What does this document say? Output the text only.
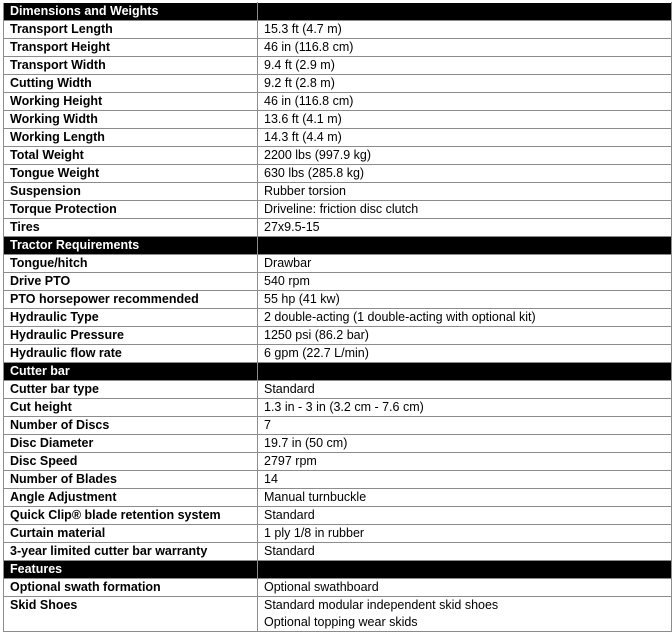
Dimensions and Weights	
Transport Length	15.3 ft (4.7 m)
Transport Height	46 in (116.8 cm)
Transport Width	9.4 ft (2.9 m)
Cutting Width	9.2 ft (2.8 m)
Working Height	46 in (116.8 cm)
Working Width	13.6 ft (4.1 m)
Working Length	14.3 ft (4.4 m)
Total Weight	2200 lbs (997.9 kg)
Tongue Weight	630 lbs (285.8 kg)
Suspension	Rubber torsion
Torque Protection	Driveline: friction disc clutch
Tires	27x9.5-15
Tractor Requirements	
Tongue/hitch	Drawbar
Drive PTO	540 rpm
PTO horsepower recommended	55 hp (41 kw)
Hydraulic Type	2 double-acting (1 double-acting with optional kit)
Hydraulic Pressure	1250 psi (86.2 bar)
Hydraulic flow rate	6 gpm (22.7 L/min)
Cutter bar	
Cutter bar type	Standard
Cut height	1.3 in - 3 in (3.2 cm - 7.6 cm)
Number of Discs	7
Disc Diameter	19.7 in (50 cm)
Disc Speed	2797 rpm
Number of Blades	14
Angle Adjustment	Manual turnbuckle
Quick Clip® blade retention system	Standard
Curtain material	1 ply 1/8 in rubber
3-year limited cutter bar warranty	Standard
Features	
Optional swath formation	Optional swathboard
Skid Shoes	Standard modular independent skid shoes
Optional topping wear skids
